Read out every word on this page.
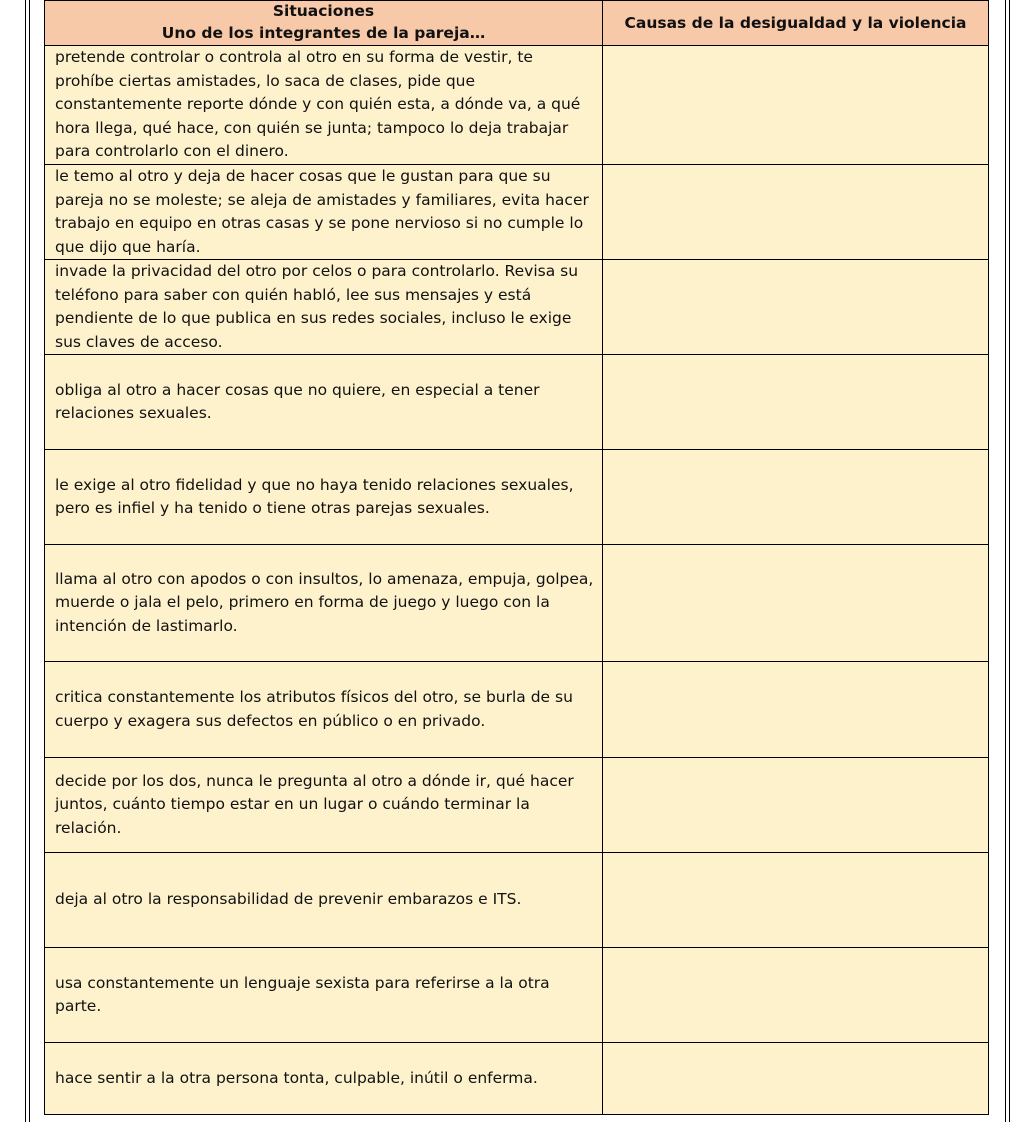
Situaciones
Uno de los integrantes de la pareja…	Causas de la desigualdad y la violencia
pretende controlar o controla al otro en su forma de vestir, te prohíbe ciertas amistades, lo saca de clases, pide que constantemente reporte dónde y con quién esta, a dónde va, a qué hora llega, qué hace, con quién se junta; tampoco lo deja trabajar para controlarlo con el dinero.	
le temo al otro y deja de hacer cosas que le gustan para que su pareja no se moleste; se aleja de amistades y familiares, evita hacer trabajo en equipo en otras casas y se pone nervioso si no cumple lo que dijo que haría.	
invade la privacidad del otro por celos o para controlarlo. Revisa su teléfono para saber con quién habló, lee sus mensajes y está pendiente de lo que publica en sus redes sociales, incluso le exige sus claves de acceso.	
obliga al otro a hacer cosas que no quiere, en especial a tener relaciones sexuales.	
le exige al otro fidelidad y que no haya tenido relaciones sexuales, pero es infiel y ha tenido o tiene otras parejas sexuales.	
llama al otro con apodos o con insultos, lo amenaza, empuja, golpea, muerde o jala el pelo, primero en forma de juego y luego con la intención de lastimarlo.	
critica constantemente los atributos físicos del otro, se burla de su cuerpo y exagera sus defectos en público o en privado.	
decide por los dos, nunca le pregunta al otro a dónde ir, qué hacer juntos, cuánto tiempo estar en un lugar o cuándo terminar la relación.	
deja al otro la responsabilidad de prevenir embarazos e ITS.	
usa constantemente un lenguaje sexista para referirse a la otra parte.	
hace sentir a la otra persona tonta, culpable, inútil o enferma.	
